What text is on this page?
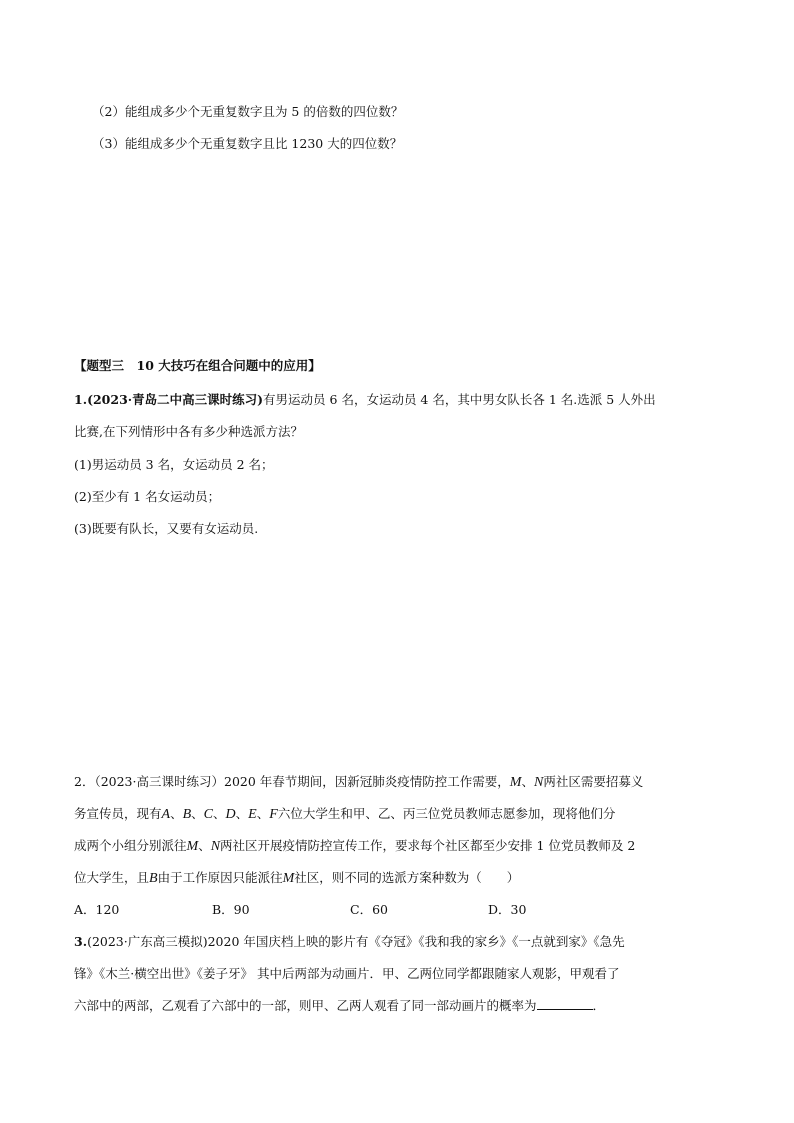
（2）能组成多少个无重复数字且为 5 的倍数的四位数？
（3）能组成多少个无重复数字且比 1230 大的四位数？
【题型三　10 大技巧在组合问题中的应用】
1.(2023·青岛二中高三课时练习)有男运动员 6 名，女运动员 4 名，其中男女队长各 1 名.选派 5 人外出
比赛,在下列情形中各有多少种选派方法？
(1)男运动员 3 名，女运动员 2 名；
(2)至少有 1 名女运动员；
(3)既要有队长，又要有女运动员.
2．（2023·高三课时练习）2020 年春节期间，因新冠肺炎疫情防控工作需要，M、N两社区需要招募义
务宣传员，现有A、B、C、D、E、F六位大学生和甲、乙、丙三位党员教师志愿参加，现将他们分
成两个小组分别派往M、N两社区开展疫情防控宣传工作，要求每个社区都至少安排 1 位党员教师及 2
位大学生，且B由于工作原因只能派往M社区，则不同的选派方案种数为（　　）
A．120	B．90	C．60	D．30
3.(2023·广东高三模拟)2020 年国庆档上映的影片有《夺冠》《我和我的家乡》《一点就到家》《急先
锋》《木兰·横空出世》《姜子牙》 其中后两部为动画片．甲、乙两位同学都跟随家人观影，甲观看了
六部中的两部，乙观看了六部中的一部，则甲、乙两人观看了同一部动画片的概率为	．
